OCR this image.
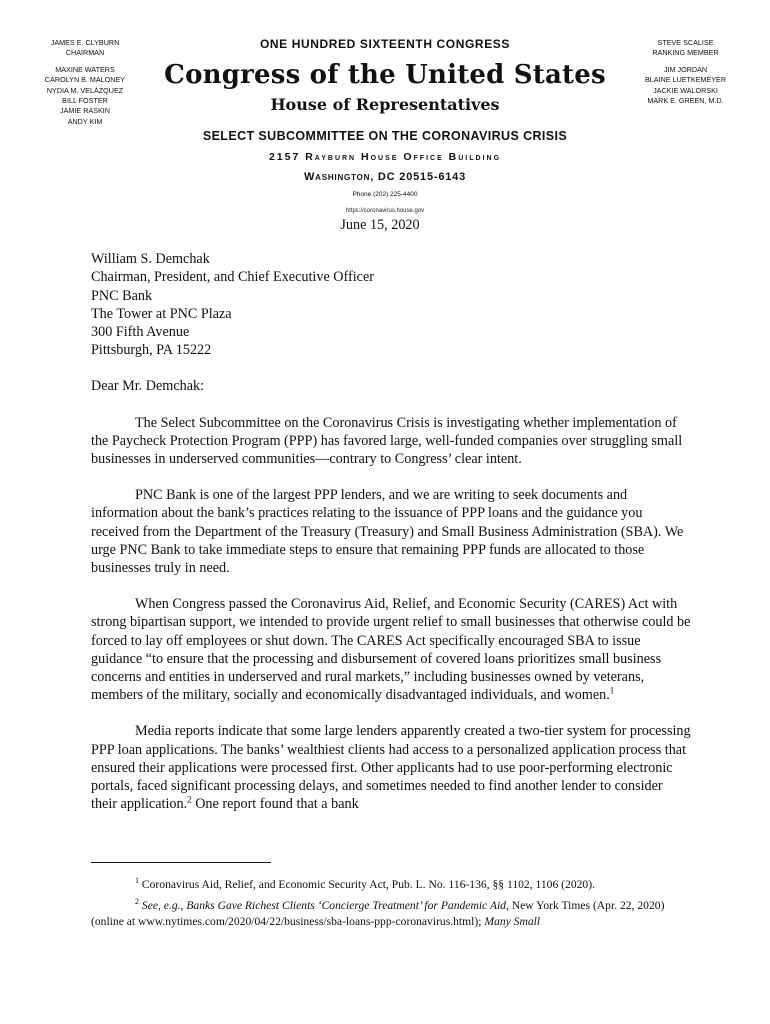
JAMES E. CLYBURN
CHAIRMAN
MAXINE WATERS
CAROLYN B. MALONEY
NYDIA M. VELÁZQUEZ
BILL FOSTER
JAMIE RASKIN
ANDY KIM
STEVE SCALISE
RANKING MEMBER
JIM JORDAN
BLAINE LUETKEMEYER
JACKIE WALORSKI
MARK E. GREEN, M.D.
ONE HUNDRED SIXTEENTH CONGRESS
Congress of the United States
House of Representatives
SELECT SUBCOMMITTEE ON THE CORONAVIRUS CRISIS
2157 Rayburn House Office Building
Washington, DC 20515-6143
Phone (202) 225-4400
https://coronavirus.house.gov
June 15, 2020
William S. Demchak
Chairman, President, and Chief Executive Officer
PNC Bank
The Tower at PNC Plaza
300 Fifth Avenue
Pittsburgh, PA 15222
Dear Mr. Demchak:

The Select Subcommittee on the Coronavirus Crisis is investigating whether implementation of the Paycheck Protection Program (PPP) has favored large, well-funded companies over struggling small businesses in underserved communities—contrary to Congress’ clear intent.

PNC Bank is one of the largest PPP lenders, and we are writing to seek documents and information about the bank’s practices relating to the issuance of PPP loans and the guidance you received from the Department of the Treasury (Treasury) and Small Business Administration (SBA). We urge PNC Bank to take immediate steps to ensure that remaining PPP funds are allocated to those businesses truly in need.

When Congress passed the Coronavirus Aid, Relief, and Economic Security (CARES) Act with strong bipartisan support, we intended to provide urgent relief to small businesses that otherwise could be forced to lay off employees or shut down. The CARES Act specifically encouraged SBA to issue guidance “to ensure that the processing and disbursement of covered loans prioritizes small business concerns and entities in underserved and rural markets,” including businesses owned by veterans, members of the military, socially and economically disadvantaged individuals, and women.$^1$

Media reports indicate that some large lenders apparently created a two-tier system for processing PPP loan applications. The banks’ wealthiest clients had access to a personalized application process that ensured their applications were processed first. Other applicants had to use poor-performing electronic portals, faced significant processing delays, and sometimes needed to find another lender to consider their application.$^2$ One report found that a bank

$^1$ Coronavirus Aid, Relief, and Economic Security Act, Pub. L. No. 116-136, §§ 1102, 1106 (2020).

$^2$ See, e.g., Banks Gave Richest Clients ‘Concierge Treatment’ for Pandemic Aid, New York Times (Apr. 22, 2020) (online at www.nytimes.com/2020/04/22/business/sba-loans-ppp-coronavirus.html); Many Small
